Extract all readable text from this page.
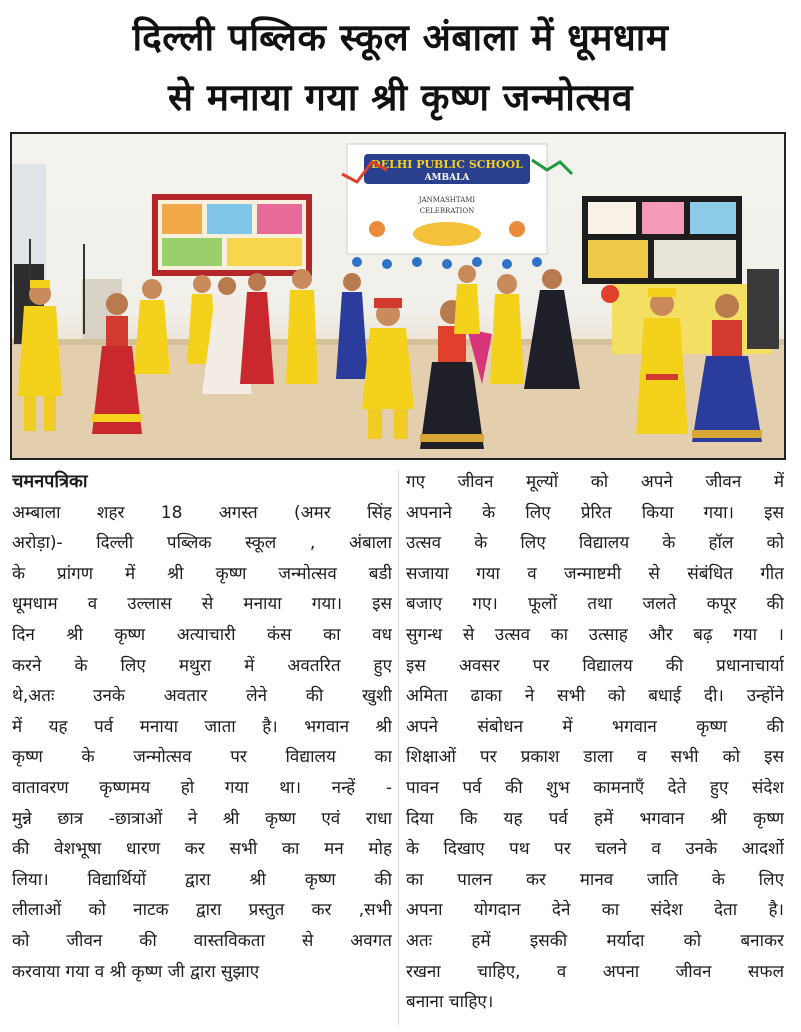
दिल्ली पब्लिक स्कूल अंबाला में धूमधाम
से मनाया गया श्री कृष्ण जन्मोत्सव
DELHI PUBLIC SCHOOL
AMBALA
JANMASHTAMI
CELEBRATION
चमनपत्रिका
अम्बाला शहर 18 अगस्त (अमर सिंह
अरोड़ा)- दिल्ली पब्लिक स्कूल , अंबाला
के प्रांगण में श्री कृष्ण जन्मोत्सव बडी
धूमधाम व उल्लास से मनाया गया। इस
दिन श्री कृष्ण अत्याचारी कंस का वध
करने के लिए मथुरा में अवतरित हुए
थे,अतः उनके अवतार लेने की खुशी
में यह पर्व मनाया जाता है। भगवान श्री
कृष्ण के जन्मोत्सव पर विद्यालय का
वातावरण कृष्णमय हो गया था। नन्हें -
मुन्ने छात्र -छात्राओं ने श्री कृष्ण एवं राधा
की वेशभूषा धारण कर सभी का मन मोह
लिया। विद्यार्थियों द्वारा श्री कृष्ण की
लीलाओं को नाटक द्वारा प्रस्तुत कर ,सभी
को जीवन की वास्तविकता से अवगत
करवाया गया व श्री कृष्ण जी द्वारा सुझाए
गए जीवन मूल्यों को अपने जीवन में
अपनाने के लिए प्रेरित किया गया। इस
उत्सव के लिए विद्यालय के हॉल को
सजाया गया व जन्माष्टमी से संबंधित गीत
बजाए गए। फूलों तथा जलते कपूर की
सुगन्ध से उत्सव का उत्साह और बढ़ गया ।
इस अवसर पर विद्यालय की प्रधानाचार्या
अमिता ढाका ने सभी को बधाई दी। उन्होंने
अपने संबोधन में भगवान कृष्ण की
शिक्षाओं पर प्रकाश डाला व सभी को इस
पावन पर्व की शुभ कामनाएँ देते हुए संदेश
दिया कि यह पर्व हमें भगवान श्री कृष्ण
के दिखाए पथ पर चलने व उनके आदर्शो
का पालन कर मानव जाति के लिए
अपना योगदान देने का संदेश देता है।
अतः हमें इसकी मर्यादा को बनाकर
रखना चाहिए, व अपना जीवन सफल
बनाना चाहिए।
